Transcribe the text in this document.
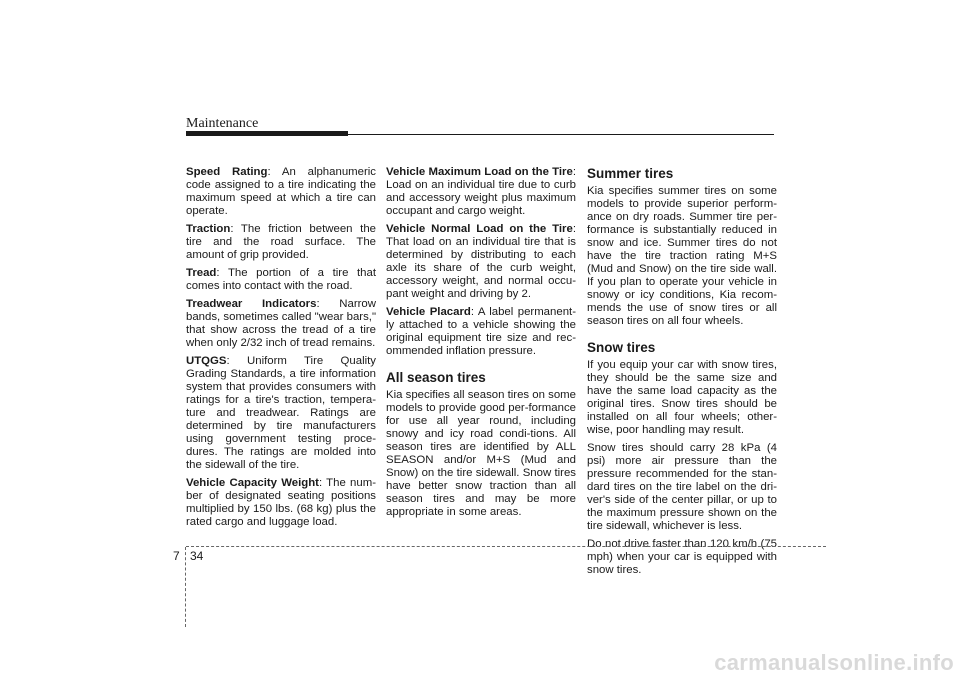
Maintenance

Speed Rating: An alphanumeric code assigned to a tire indicating the maximum speed at which a tire can operate.

Traction: The friction between the tire and the road surface. The amount of grip provided.

Tread: The portion of a tire that comes into contact with the road.

Treadwear Indicators: Narrow bands, sometimes called "wear bars," that show across the tread of a tire when only 2/32 inch of tread remains.

UTQGS: Uniform Tire Quality Grading Standards, a tire information system that provides consumers with ratings for a tire's traction, tempera-ture and treadwear. Ratings are determined by tire manufacturers using government testing proce-dures. The ratings are molded into the sidewall of the tire.

Vehicle Capacity Weight: The num-ber of designated seating positions multiplied by 150 lbs. (68 kg) plus the rated cargo and luggage load.

Vehicle Maximum Load on the Tire: Load on an individual tire due to curb and accessory weight plus maximum occupant and cargo weight.

Vehicle Normal Load on the Tire: That load on an individual tire that is determined by distributing to each axle its share of the curb weight, accessory weight, and normal occu-pant weight and driving by 2.

Vehicle Placard: A label permanent-ly attached to a vehicle showing the original equipment tire size and rec-ommended inflation pressure.

All season tires

Kia specifies all season tires on some models to provide good per-formance for use all year round, including snowy and icy road condi-tions. All season tires are identified by ALL SEASON and/or M+S (Mud and Snow) on the tire sidewall. Snow tires have better snow traction than all season tires and may be more appropriate in some areas.

Summer tires

Kia specifies summer tires on some models to provide superior perform-ance on dry roads. Summer tire per-formance is substantially reduced in snow and ice. Summer tires do not have the tire traction rating M+S (Mud and Snow) on the tire side wall. If you plan to operate your vehicle in snowy or icy conditions, Kia recom-mends the use of snow tires or all season tires on all four wheels.

Snow tires

If you equip your car with snow tires, they should be the same size and have the same load capacity as the original tires. Snow tires should be installed on all four wheels; other-wise, poor handling may result.

Snow tires should carry 28 kPa (4 psi) more air pressure than the pressure recommended for the stan-dard tires on the tire label on the dri-ver's side of the center pillar, or up to the maximum pressure shown on the tire sidewall, whichever is less.

Do not drive faster than 120 km/h (75 mph) when your car is equipped with snow tires.

7 34
carmanualsonline.info
